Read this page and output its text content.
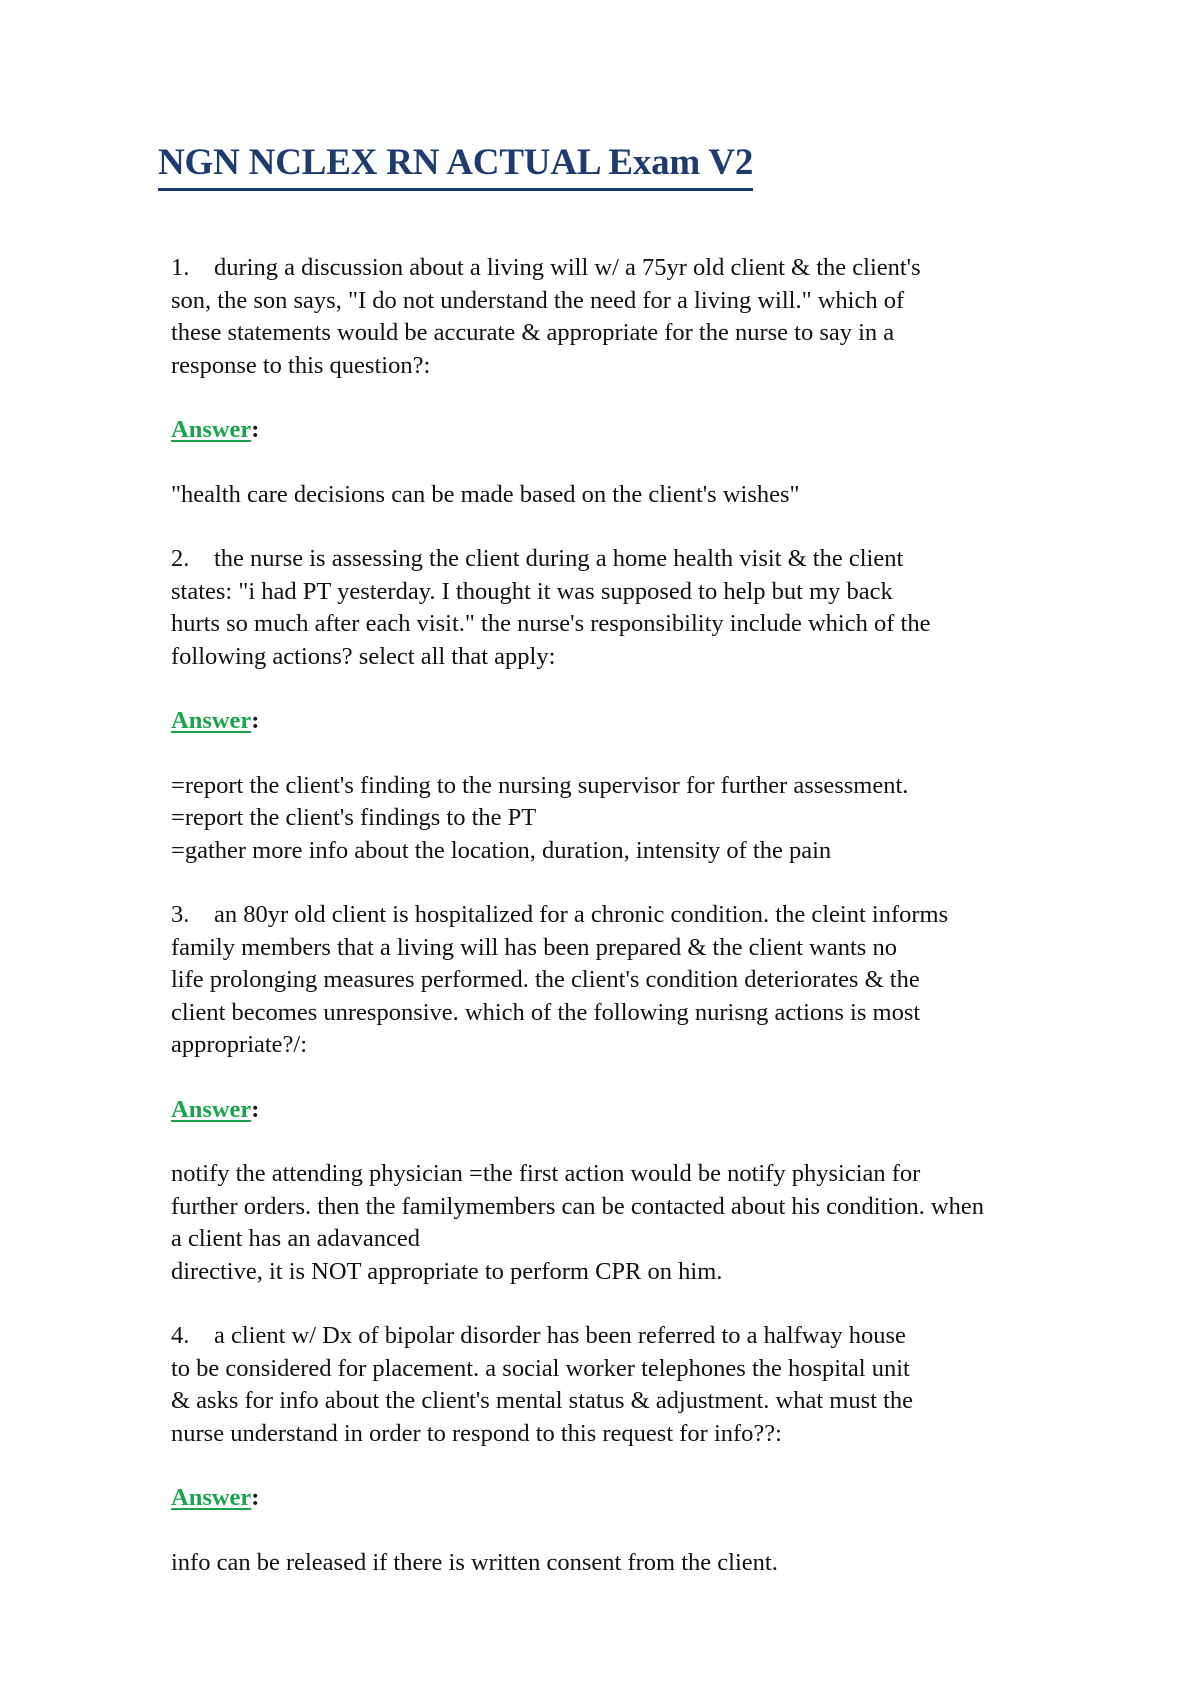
NGN NCLEX RN ACTUAL Exam V2

1. during a discussion about a living will w/ a 75yr old client & the client's
son, the son says, "I do not understand the need for a living will." which of
these statements would be accurate & appropriate for the nurse to say in a
response to this question?:

Answer:

"health care decisions can be made based on the client's wishes"

2. the nurse is assessing the client during a home health visit & the client
states: "i had PT yesterday. I thought it was supposed to help but my back
hurts so much after each visit." the nurse's responsibility include which of the
following actions? select all that apply:

Answer:

=report the client's finding to the nursing supervisor for further assessment.
=report the client's findings to the PT
=gather more info about the location, duration, intensity of the pain

3. an 80yr old client is hospitalized for a chronic condition. the cleint informs
family members that a living will has been prepared & the client wants no
life prolonging measures performed. the client's condition deteriorates & the
client becomes unresponsive. which of the following nurisng actions is most
appropriate?/:

Answer:

notify the attending physician =the first action would be notify physician for
further orders. then the familymembers can be contacted about his condition. when
a client has an adavanced
directive, it is NOT appropriate to perform CPR on him.

4. a client w/ Dx of bipolar disorder has been referred to a halfway house
to be considered for placement. a social worker telephones the hospital unit
& asks for info about the client's mental status & adjustment. what must the
nurse understand in order to respond to this request for info??:

Answer:

info can be released if there is written consent from the client.
